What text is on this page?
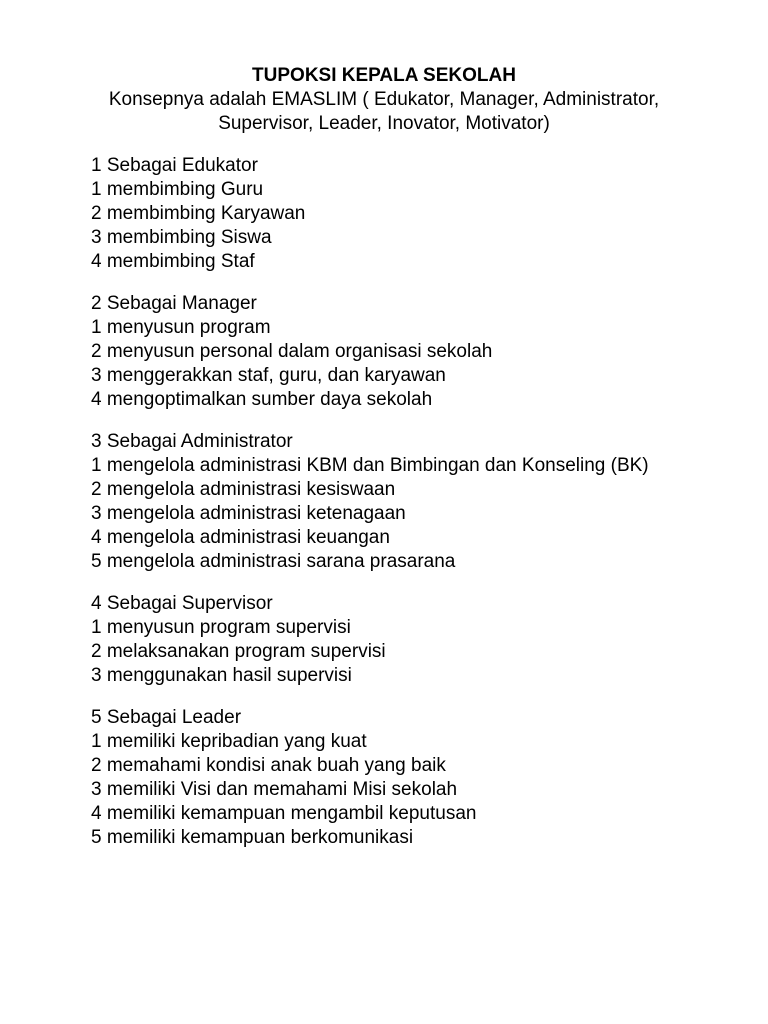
TUPOKSI KEPALA SEKOLAH
Konsepnya adalah EMASLIM ( Edukator, Manager, Administrator,
Supervisor, Leader, Inovator, Motivator)
1 Sebagai Edukator
1 membimbing Guru
2 membimbing Karyawan
3 membimbing Siswa
4 membimbing Staf
2 Sebagai Manager
1 menyusun program
2 menyusun personal dalam organisasi sekolah
3 menggerakkan staf, guru, dan karyawan
4 mengoptimalkan sumber daya sekolah
3 Sebagai Administrator
1 mengelola administrasi KBM dan Bimbingan dan Konseling (BK)
2 mengelola administrasi kesiswaan
3 mengelola administrasi ketenagaan
4 mengelola administrasi keuangan
5 mengelola administrasi sarana prasarana
4 Sebagai Supervisor
1 menyusun program supervisi
2 melaksanakan program supervisi
3 menggunakan hasil supervisi
5 Sebagai Leader
1 memiliki kepribadian yang kuat
2 memahami kondisi anak buah yang baik
3 memiliki Visi dan memahami Misi sekolah
4 memiliki kemampuan mengambil keputusan
5 memiliki kemampuan berkomunikasi
